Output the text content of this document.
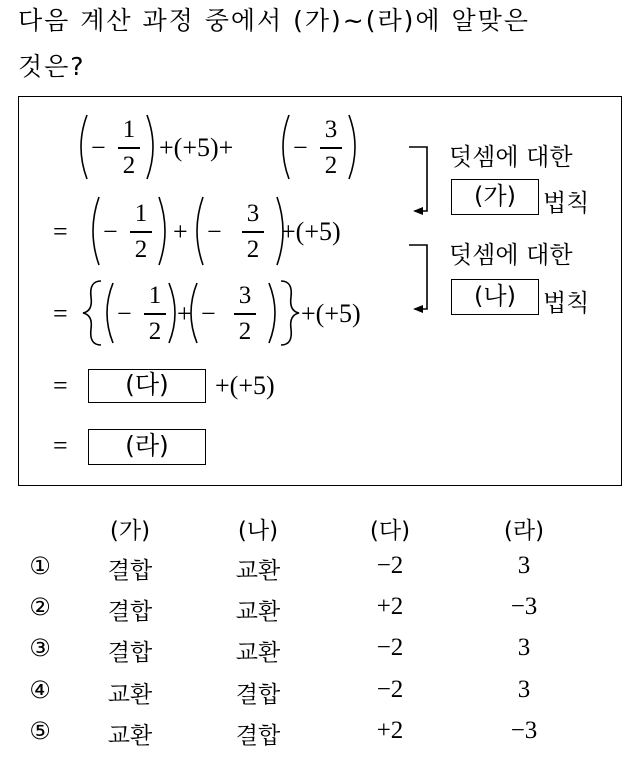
다음 계산 과정 중에서 (가)~(라)에 알맞은
것은?
−
1
2
+(+5)+ −
3
2
= −
1
2
+ −
3
2
+(+5)
= −
1
2
+ −
3
2
+(+5)
=	(다)	+(+5)
=	(라)
덧셈에 대한
(가)	법칙
덧셈에 대한
(나)	법칙
(가)	(나)	(다)	(라)
①	결합	교환	−2	3
②	결합	교환	+2	−3
③	결합	교환	−2	3
④	교환	결합	−2	3
⑤	교환	결합	+2	−3
